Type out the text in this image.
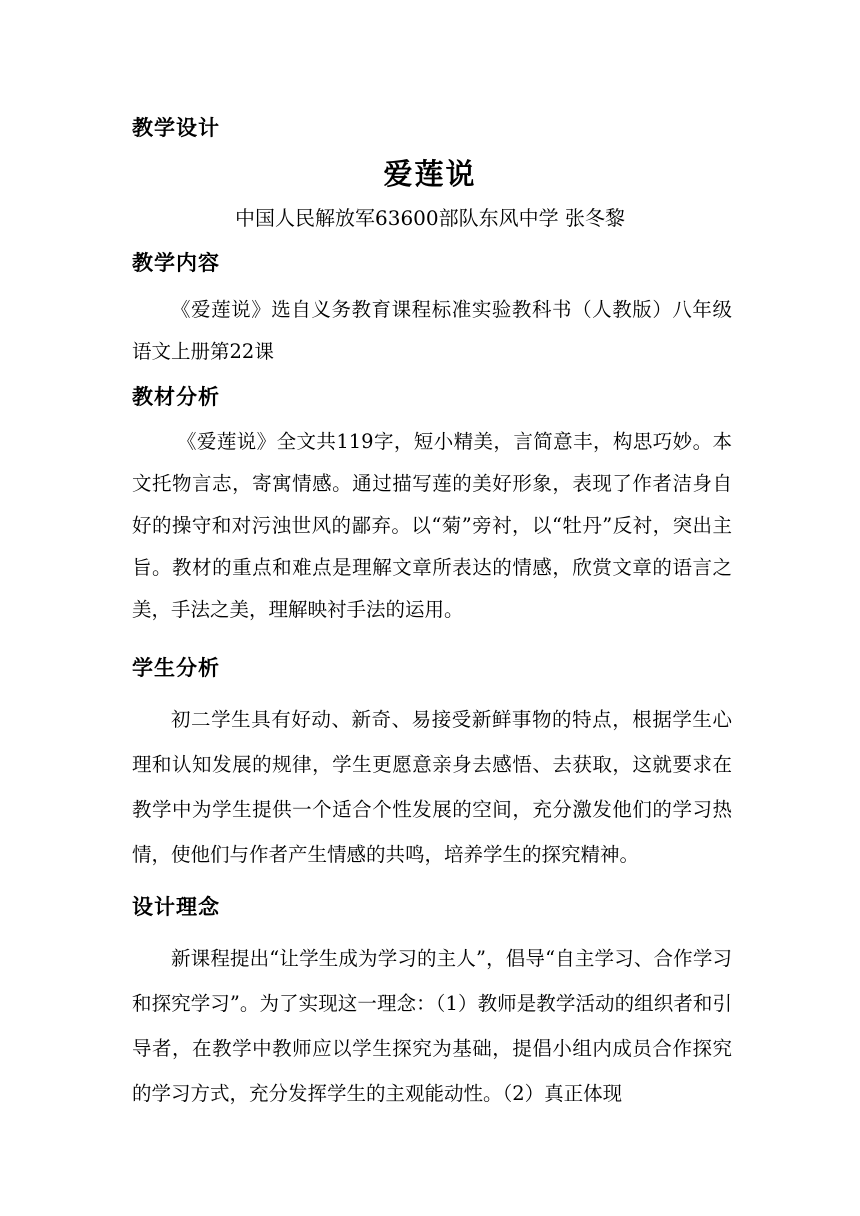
教学设计
爱莲说
中国人民解放军63600部队东风中学 张冬黎
教学内容

《爱莲说》选自义务教育课程标准实验教科书（人教版）八年级语文上册第22课

教材分析

《爱莲说》全文共119字，短小精美，言简意丰，构思巧妙。本文托物言志，寄寓情感。通过描写莲的美好形象，表现了作者洁身自好的操守和对污浊世风的鄙弃。以“菊”旁衬，以“牡丹”反衬，突出主旨。教材的重点和难点是理解文章所表达的情感，欣赏文章的语言之美，手法之美，理解映衬手法的运用。

学生分析

初二学生具有好动、新奇、易接受新鲜事物的特点，根据学生心理和认知发展的规律，学生更愿意亲身去感悟、去获取，这就要求在教学中为学生提供一个适合个性发展的空间，充分激发他们的学习热情，使他们与作者产生情感的共鸣，培养学生的探究精神。

设计理念

新课程提出“让学生成为学习的主人”，倡导“自主学习、合作学习和探究学习”。为了实现这一理念：（1）教师是教学活动的组织者和引导者，在教学中教师应以学生探究为基础，提倡小组内成员合作探究的学习方式，充分发挥学生的主观能动性。（2）真正体现
